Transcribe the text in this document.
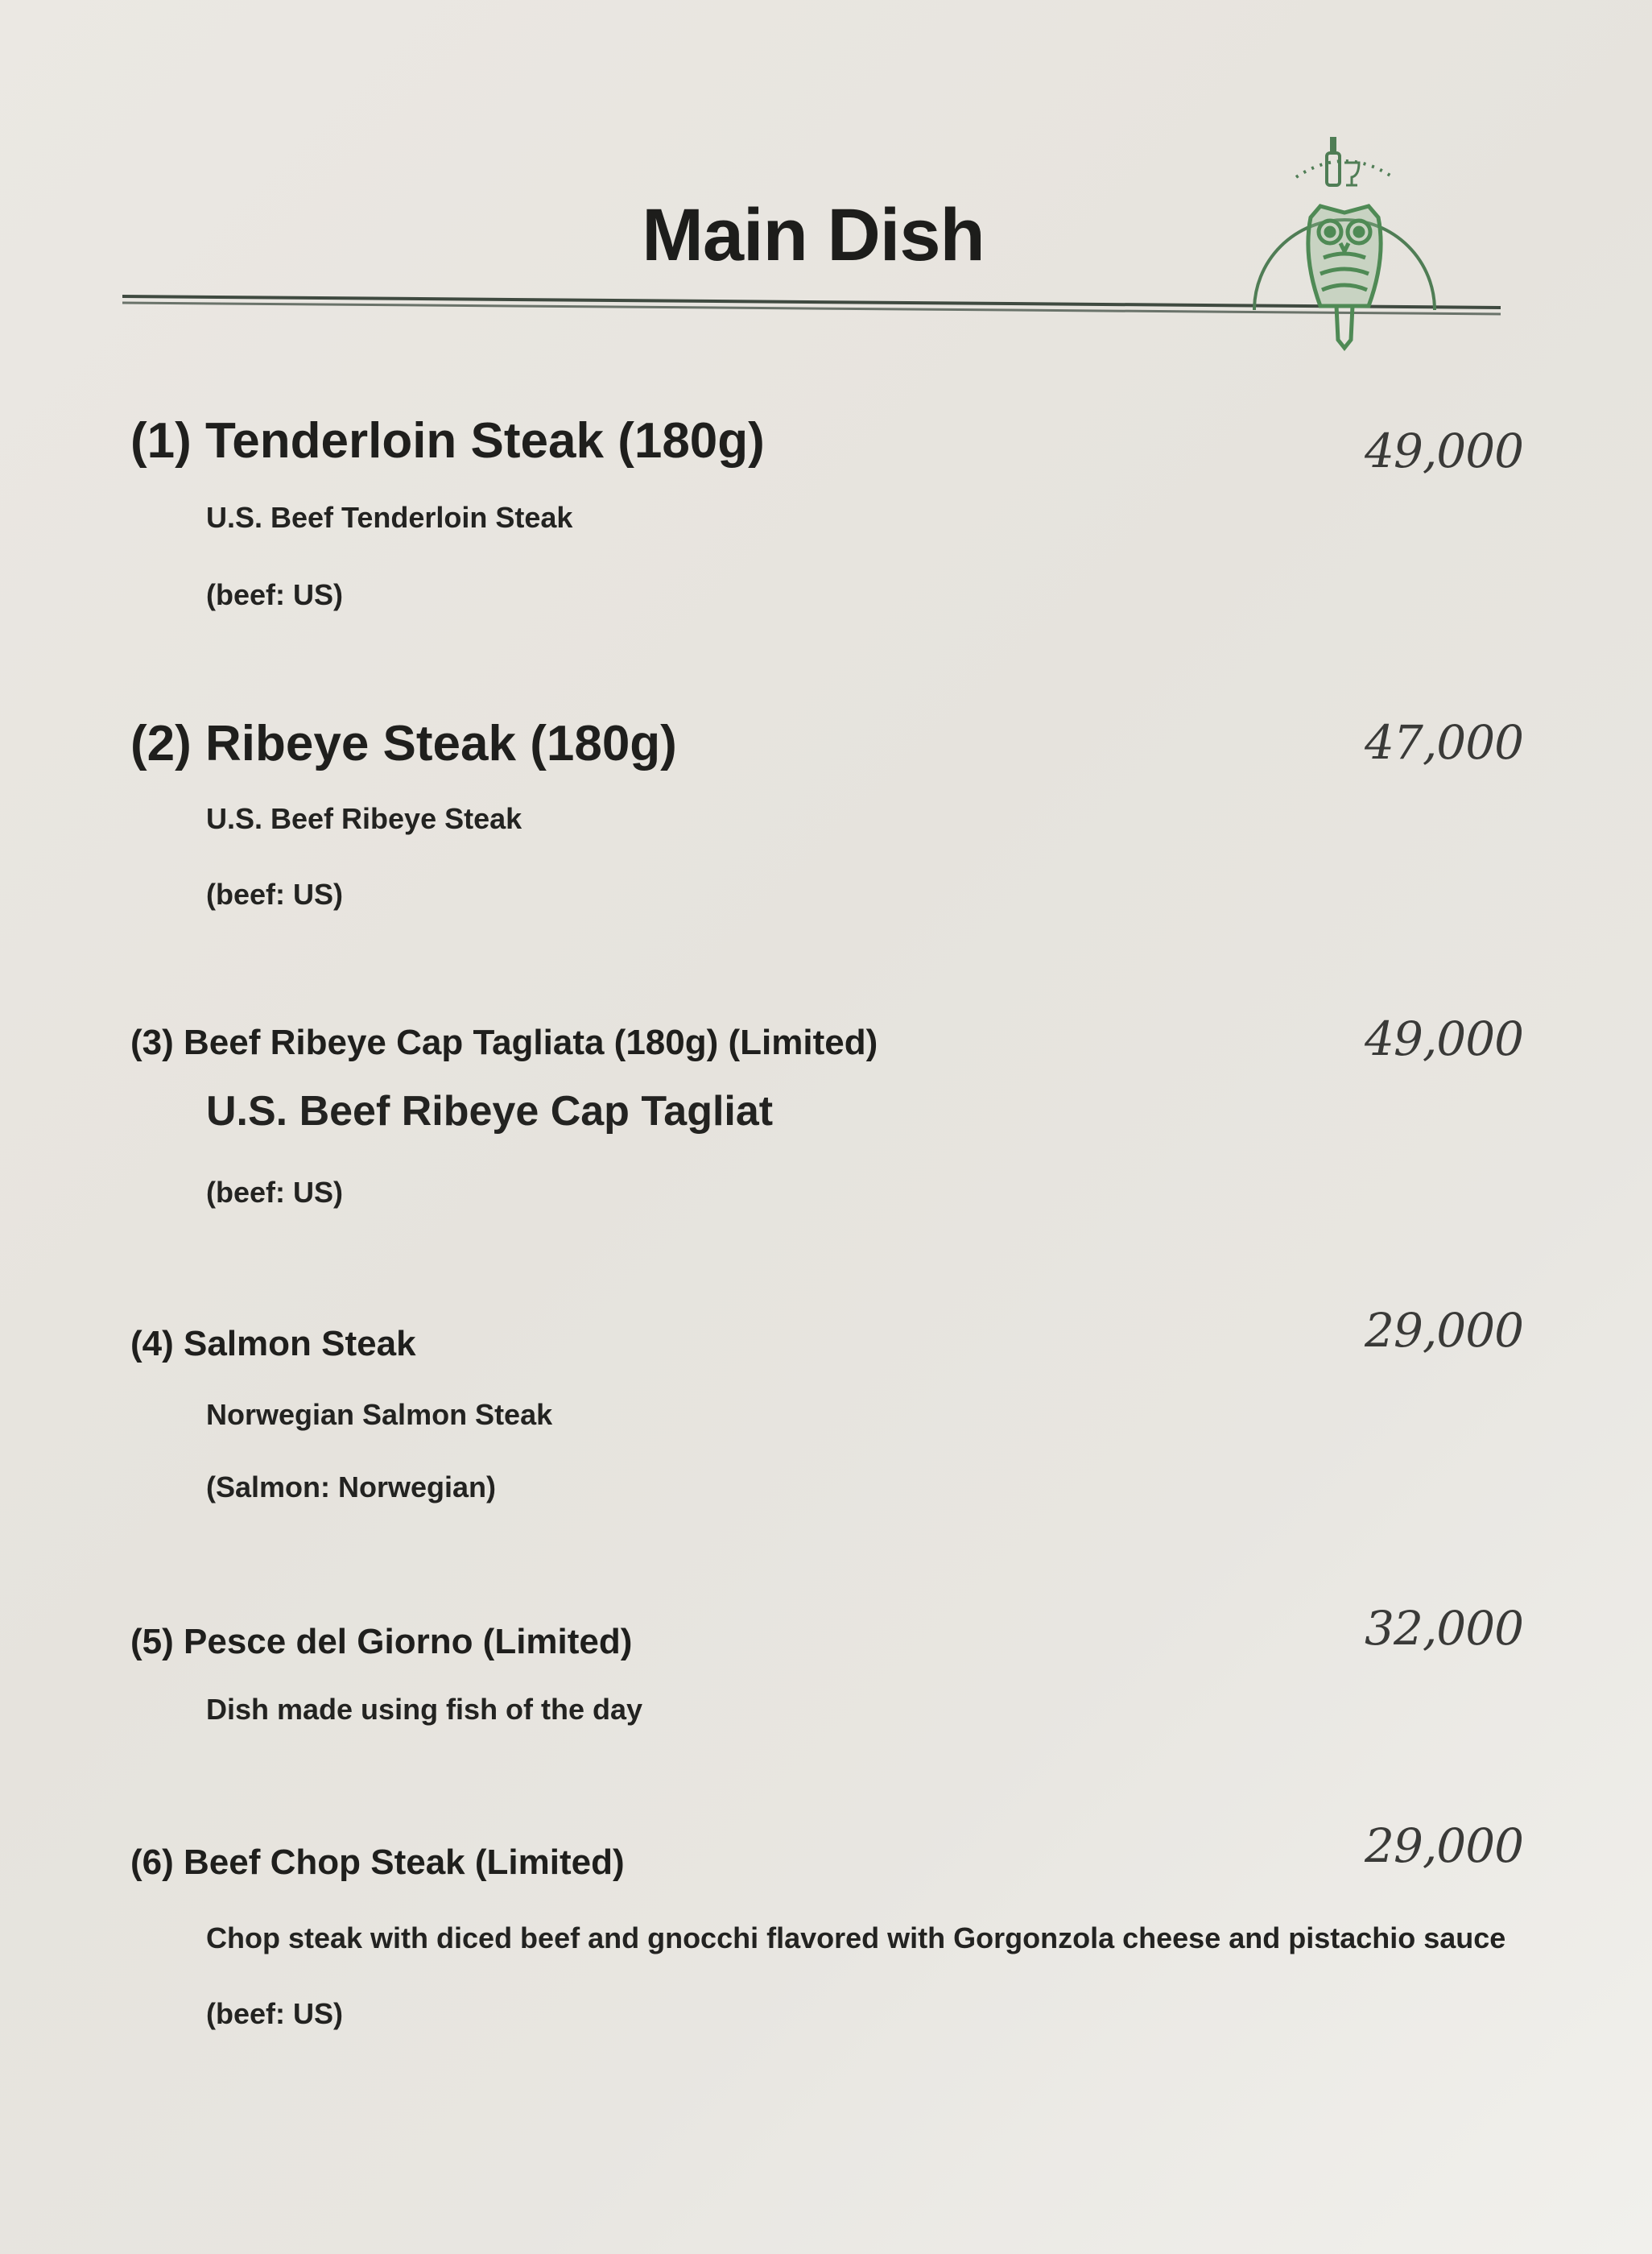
Main Dish
(1) Tenderloin Steak (180g)	49,000
U.S. Beef Tenderloin Steak
(beef: US)
(2) Ribeye Steak (180g)	47,000
U.S. Beef Ribeye Steak
(beef: US)
(3) Beef Ribeye Cap Tagliata (180g) (Limited)	49,000
U.S. Beef Ribeye Cap Tagliat
(beef: US)
(4) Salmon Steak	29,000
Norwegian Salmon Steak
(Salmon: Norwegian)
(5) Pesce del Giorno (Limited)	32,000
Dish made using fish of the day
(6) Beef Chop Steak (Limited)	29,000
Chop steak with diced beef and gnocchi flavored with Gorgonzola cheese and pistachio sauce
(beef: US)
